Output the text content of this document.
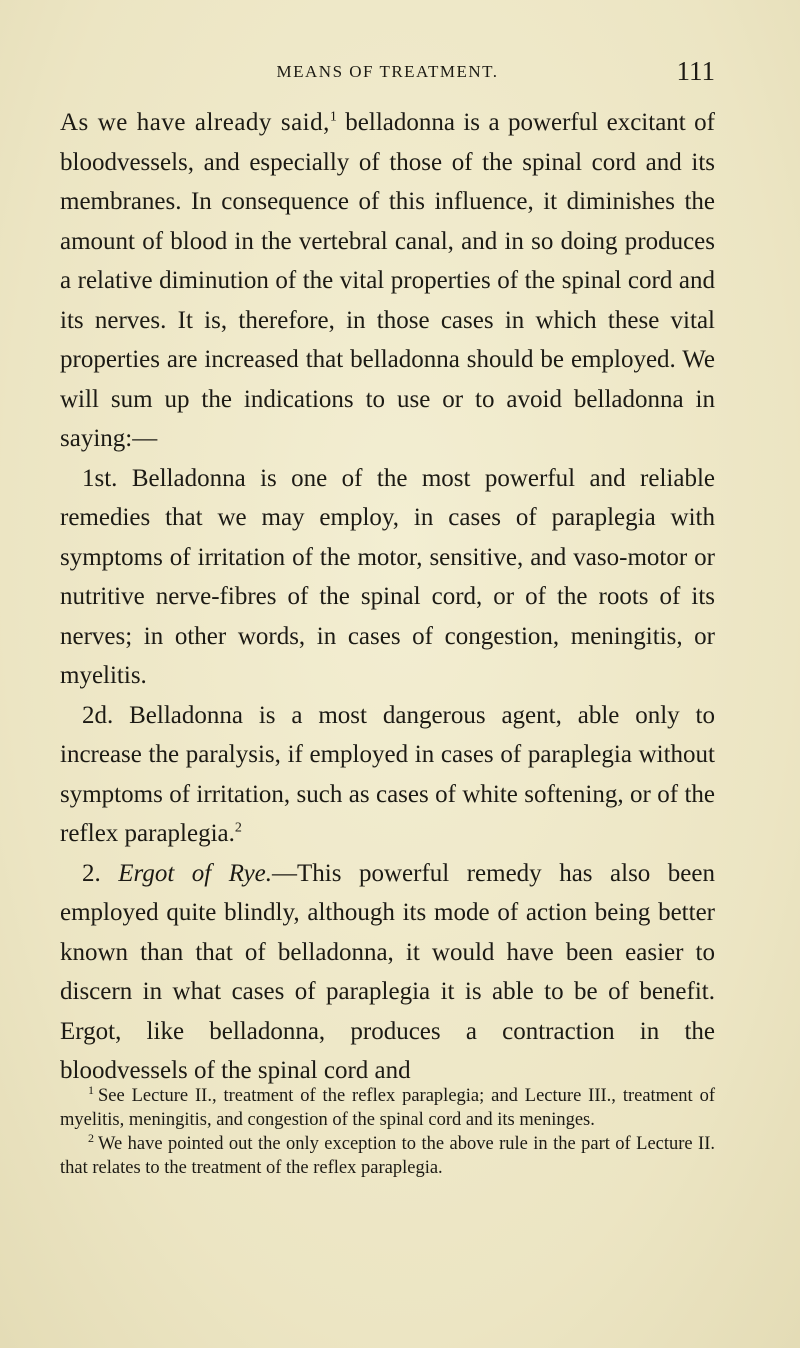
MEANS OF TREATMENT.	111

As we have already said,$^1$ belladonna is a powerful excitant of bloodvessels, and especially of those of the spinal cord and its membranes. In consequence of this influence, it diminishes the amount of blood in the vertebral canal, and in so doing produces a relative diminution of the vital properties of the spinal cord and its nerves. It is, therefore, in those cases in which these vital properties are increased that belladonna should be employed. We will sum up the indications to use or to avoid belladonna in saying:—

1st. Belladonna is one of the most powerful and reliable remedies that we may employ, in cases of paraplegia with symptoms of irritation of the motor, sensitive, and vaso-motor or nutritive nerve-fibres of the spinal cord, or of the roots of its nerves; in other words, in cases of congestion, meningitis, or myelitis.

2d. Belladonna is a most dangerous agent, able only to increase the paralysis, if employed in cases of paraplegia without symptoms of irritation, such as cases of white softening, or of the reflex paraplegia.$^2$

2. Ergot of Rye.—This powerful remedy has also been employed quite blindly, although its mode of action being better known than that of belladonna, it would have been easier to discern in what cases of paraplegia it is able to be of benefit. Ergot, like belladonna, produces a contraction in the bloodvessels of the spinal cord and

$^1$ See Lecture II., treatment of the reflex paraplegia; and Lecture III., treatment of myelitis, meningitis, and congestion of the spinal cord and its meninges.

$^2$ We have pointed out the only exception to the above rule in the part of Lecture II. that relates to the treatment of the reflex paraplegia.
